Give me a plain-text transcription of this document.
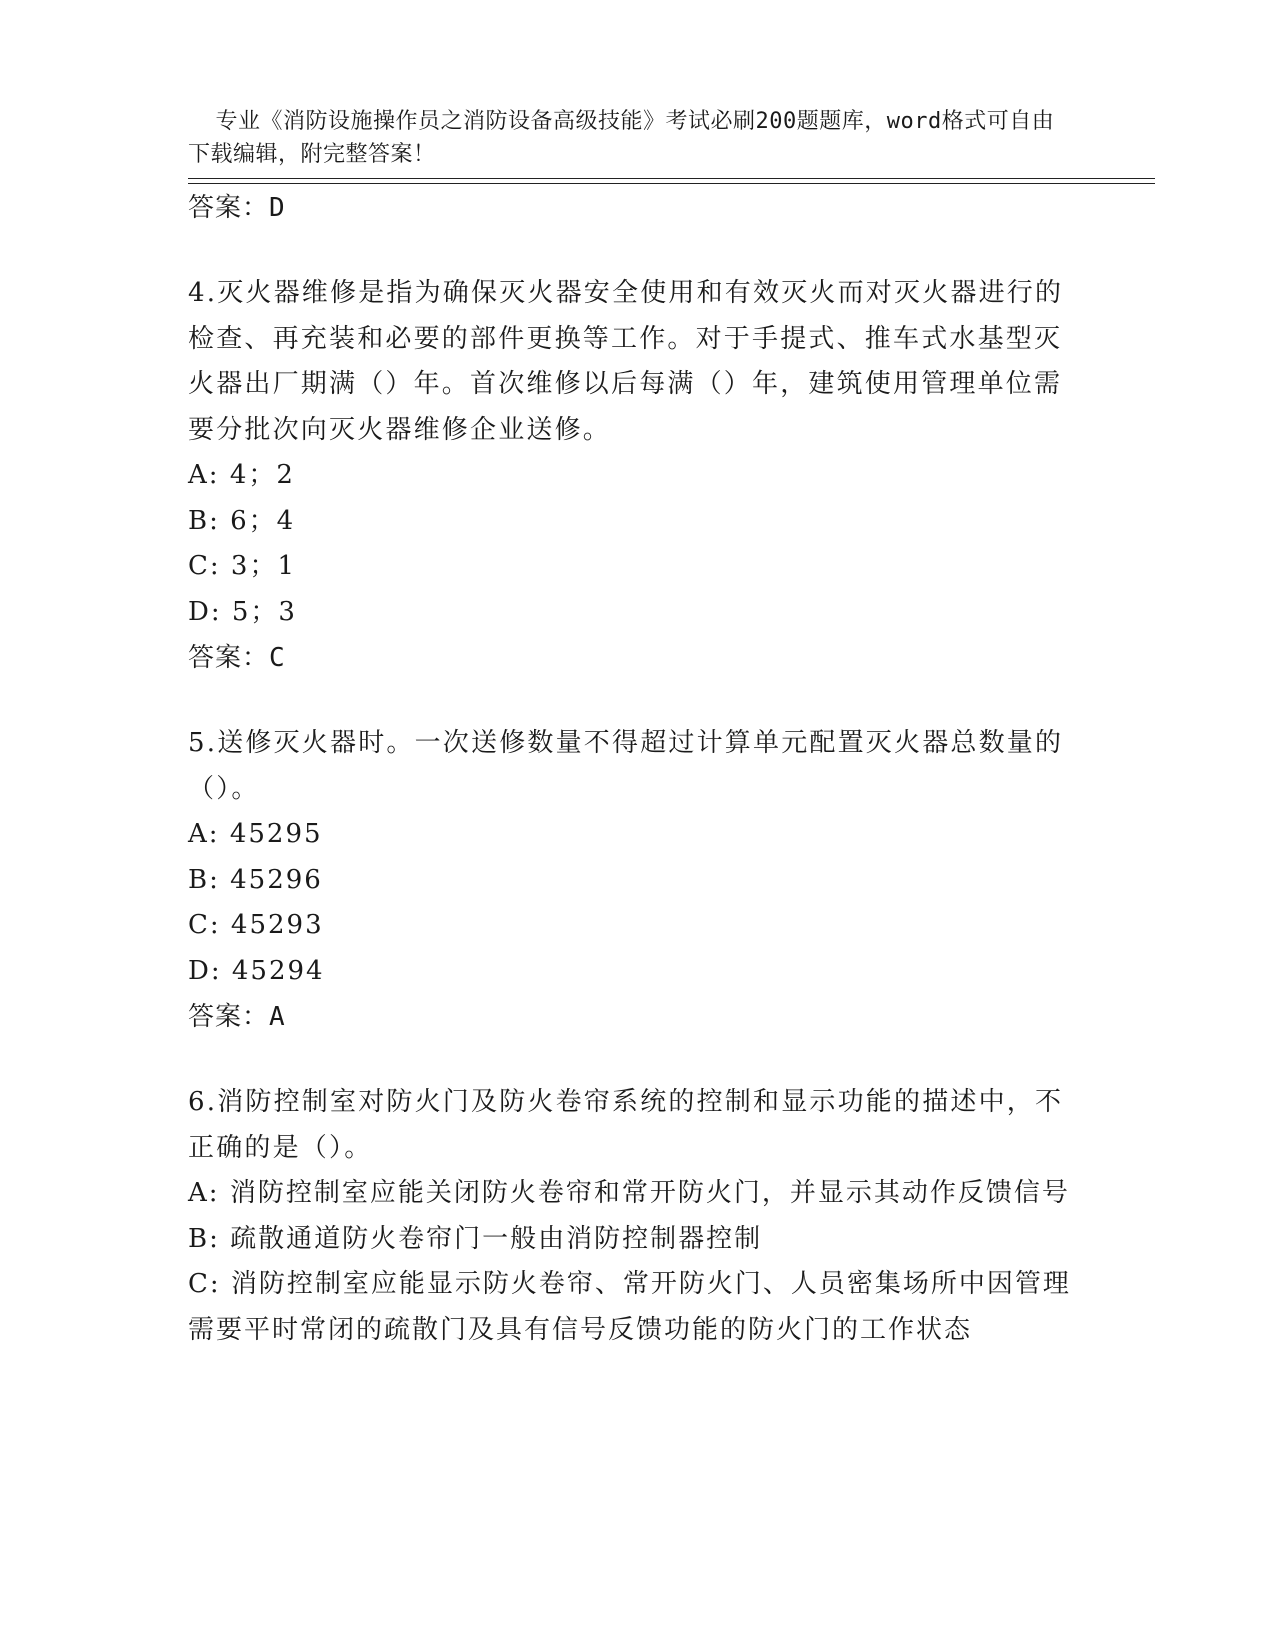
专业《消防设施操作员之消防设备高级技能》考试必刷200题题库，word格式可自由下载编辑，附完整答案！

答案：D
4.灭火器维修是指为确保灭火器安全使用和有效灭火而对灭火器进行的检查、再充装和必要的部件更换等工作。对于手提式、推车式水基型灭火器出厂期满（）年。首次维修以后每满（）年，建筑使用管理单位需要分批次向灭火器维修企业送修。
A: 4；2
B: 6；4
C: 3；1
D: 5；3
答案：C
5.送修灭火器时。一次送修数量不得超过计算单元配置灭火器总数量的（）。
A: 45295
B: 45296
C: 45293
D: 45294
答案：A
6.消防控制室对防火门及防火卷帘系统的控制和显示功能的描述中，不正确的是（）。
A: 消防控制室应能关闭防火卷帘和常开防火门，并显示其动作反馈信号
B: 疏散通道防火卷帘门一般由消防控制器控制
C: 消防控制室应能显示防火卷帘、常开防火门、人员密集场所中因管理需要平时常闭的疏散门及具有信号反馈功能的防火门的工作状态
